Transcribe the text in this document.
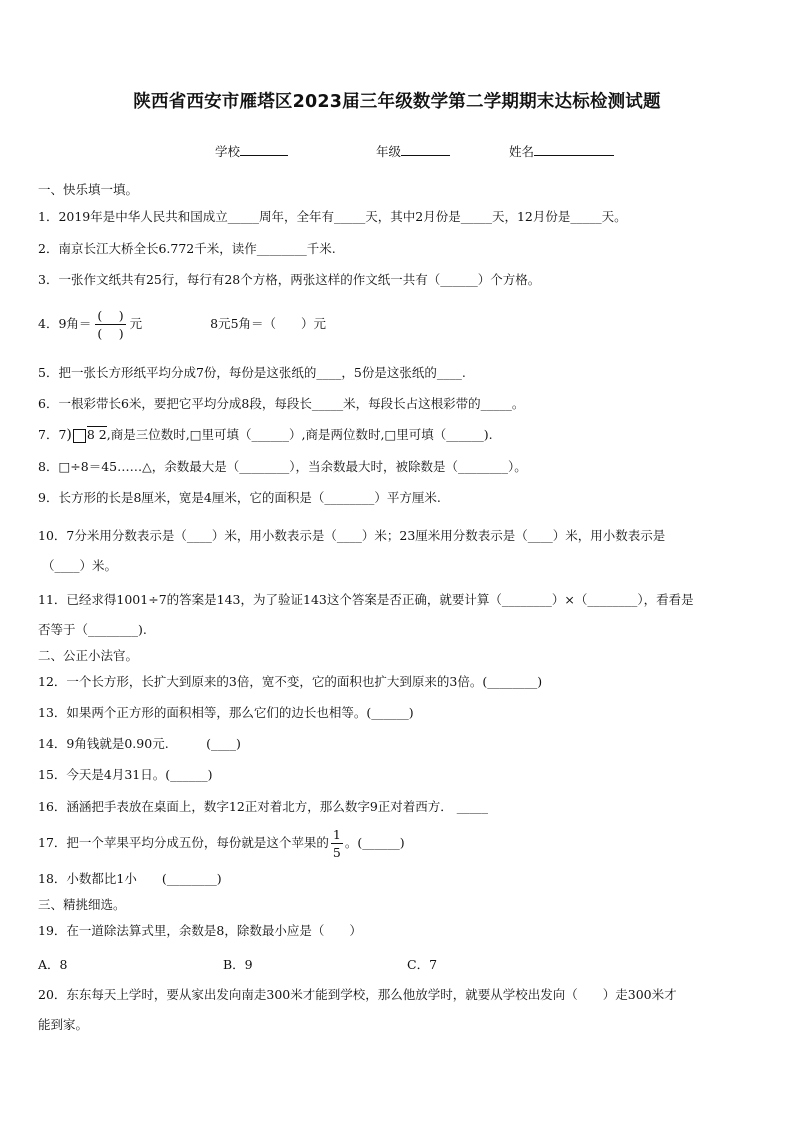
陕西省西安市雁塔区2023届三年级数学第二学期期末达标检测试题
学校	年级	姓名
一、快乐填一填。
1．2019年是中华人民共和国成立_____周年，全年有_____天，其中2月份是_____天，12月份是_____天。
2．南京长江大桥全长6.772千米，读作________千米.
3．一张作文纸共有25行，每行有28个方格，两张这样的作文纸一共有（______）个方格。
4．9角＝ $\frac{( )}{( )}$ 元	8元5角＝（　　）元
5．把一张长方形纸平均分成7份，每份是这张纸的____，5份是这张纸的____.
6．一根彩带长6米，要把它平均分成8段，每段长_____米，每段长占这根彩带的_____。
7．7) 8 2,商是三位数时,□里可填（______）,商是两位数时,□里可填（______).
8．□÷8＝45……△，余数最大是（________），当余数最大时，被除数是（________）。
9．长方形的长是8厘米，宽是4厘米，它的面积是（________）平方厘米.
10．7分米用分数表示是（____）米，用小数表示是（____）米；23厘米用分数表示是（____）米，用小数表示是
（____）米。
11．已经求得1001÷7的答案是143，为了验证143这个答案是否正确，就要计算（________）×（________），看看是
否等于（________).
二、公正小法官。
12．一个长方形，长扩大到原来的3倍，宽不变，它的面积也扩大到原来的3倍。(________)
13．如果两个正方形的面积相等，那么它们的边长也相等。(______)
14．9角钱就是0.90元.　　　(____)
15．今天是4月31日。(______)
16．涵涵把手表放在桌面上，数字12正对着北方，那么数字9正对着西方． _____
17．把一个苹果平均分成五份，每份就是这个苹果的 $\frac{1}{5}$ 。(______)
18．小数都比1小　　(________)
三、精挑细选。
19．在一道除法算式里，余数是8，除数最小应是（　　）
A．8	B．9	C．7
20．东东每天上学时，要从家出发向南走300米才能到学校，那么他放学时，就要从学校出发向（　　）走300米才
能到家。
